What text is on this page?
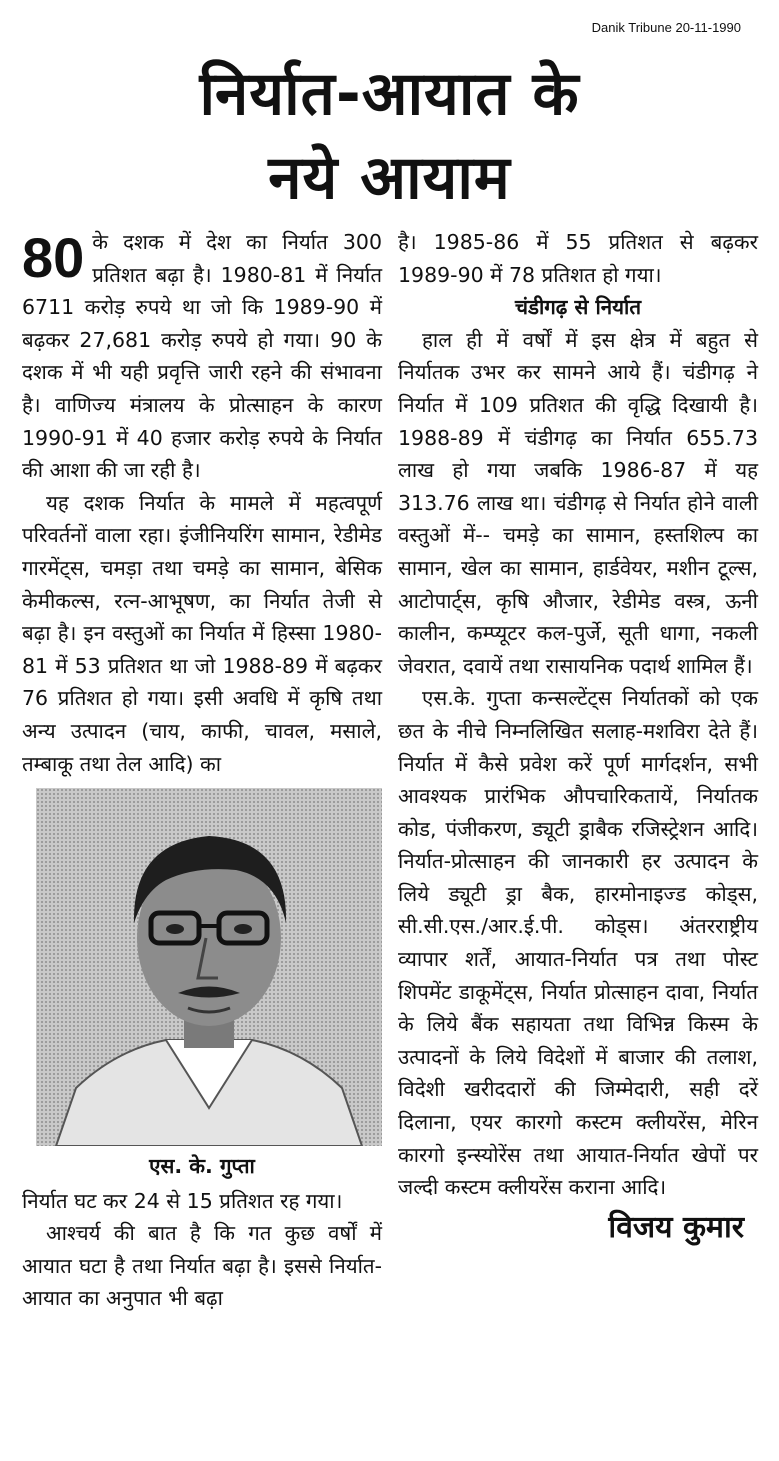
Danik Tribune 20-11-1990
निर्यात-आयात के
नये आयाम

80 के दशक में देश का निर्यात 300 प्रतिशत बढ़ा है। 1980-81 में निर्यात 6711 करोड़ रुपये था जो कि 1989-90 में बढ़कर 27,681 करोड़ रुपये हो गया। 90 के दशक में भी यही प्रवृत्ति जारी रहने की संभावना है। वाणिज्य मंत्रालय के प्रोत्साहन के कारण 1990-91 में 40 हजार करोड़ रुपये के निर्यात की आशा की जा रही है।

यह दशक निर्यात के मामले में महत्वपूर्ण परिवर्तनों वाला रहा। इंजीनियरिंग सामान, रेडीमेड गारमेंट्स, चमड़ा तथा चमड़े का सामान, बेसिक केमीकल्स, रत्न-आभूषण, का निर्यात तेजी से बढ़ा है। इन वस्तुओं का निर्यात में हिस्सा 1980-81 में 53 प्रतिशत था जो 1988-89 में बढ़कर 76 प्रतिशत हो गया। इसी अवधि में कृषि तथा अन्य उत्पादन (चाय, काफी, चावल, मसाले, तम्बाकू तथा तेल आदि) का

एस. के. गुप्ता

निर्यात घट कर 24 से 15 प्रतिशत रह गया।

आश्चर्य की बात है कि गत कुछ वर्षों में आयात घटा है तथा निर्यात बढ़ा है। इससे निर्यात-आयात का अनुपात भी बढ़ा

है। 1985-86 में 55 प्रतिशत से बढ़कर 1989-90 में 78 प्रतिशत हो गया।

चंडीगढ़ से निर्यात

हाल ही में वर्षों में इस क्षेत्र में बहुत से निर्यातक उभर कर सामने आये हैं। चंडीगढ़ ने निर्यात में 109 प्रतिशत की वृद्धि दिखायी है। 1988-89 में चंडीगढ़ का निर्यात 655.73 लाख हो गया जबकि 1986-87 में यह 313.76 लाख था। चंडीगढ़ से निर्यात होने वाली वस्तुओं में-- चमड़े का सामान, हस्तशिल्प का सामान, खेल का सामान, हार्डवेयर, मशीन टूल्स, आटोपार्ट्स, कृषि औजार, रेडीमेड वस्त्र, ऊनी कालीन, कम्प्यूटर कल-पुर्जे, सूती धागा, नकली जेवरात, दवायें तथा रासायनिक पदार्थ शामिल हैं।

एस.के. गुप्ता कन्सल्टेंट्स निर्यातकों को एक छत के नीचे निम्नलिखित सलाह-मशविरा देते हैं। निर्यात में कैसे प्रवेश करें पूर्ण मार्गदर्शन, सभी आवश्यक प्रारंभिक औपचारिकतायें, निर्यातक कोड, पंजीकरण, ड्यूटी ड्राबैक रजिस्ट्रेशन आदि। निर्यात-प्रोत्साहन की जानकारी हर उत्पादन के लिये ड्यूटी ड्रा बैक, हारमोनाइज्ड कोड्स, सी.सी.एस./आर.ई.पी. कोड्स। अंतरराष्ट्रीय व्यापार शर्तें, आयात-निर्यात पत्र तथा पोस्ट शिपमेंट डाकूमेंट्स, निर्यात प्रोत्साहन दावा, निर्यात के लिये बैंक सहायता तथा विभिन्न किस्म के उत्पादनों के लिये विदेशों में बाजार की तलाश, विदेशी खरीददारों की जिम्मेदारी, सही दरें दिलाना, एयर कारगो कस्टम क्लीयरेंस, मेरिन कारगो इन्स्योरेंस तथा आयात-निर्यात खेपों पर जल्दी कस्टम क्लीयरेंस कराना आदि।

विजय कुमार
